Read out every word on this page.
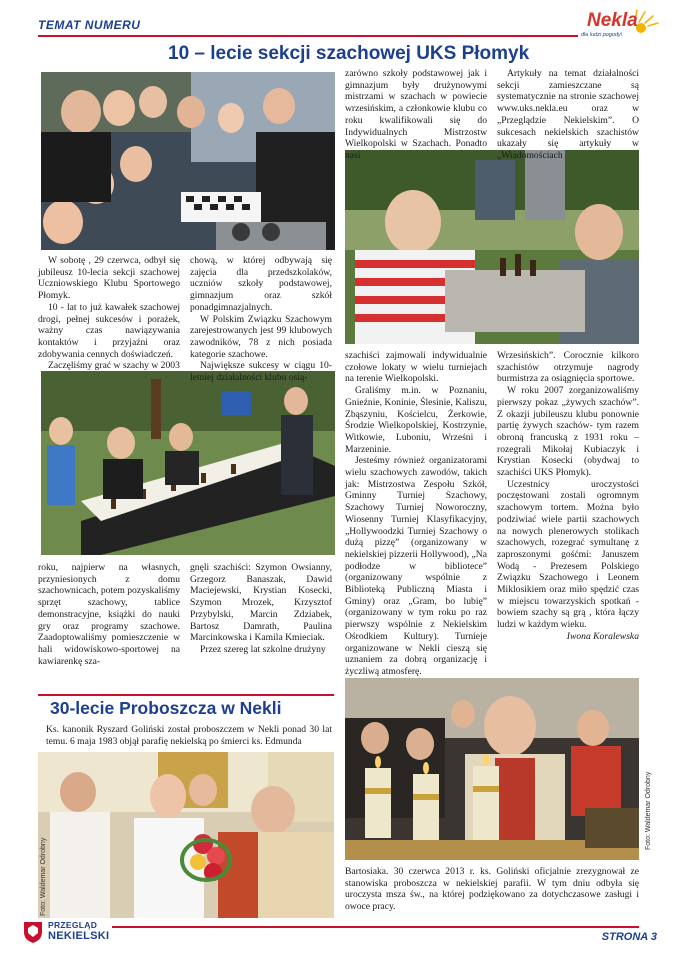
TEMAT NUMERU	Nekla
dla ludzi pogody!
10 – lecie sekcji szachowej UKS Płomyk

W sobotę , 29 czerwca, odbył się jubileusz 10-lecia sekcji szachowej Uczniowskiego Klubu Sportowego Płomyk.

10 - lat to już kawałek szachowej drogi, pełnej sukcesów i porażek, ważny czas nawiązywania kontaktów i przyjaźni oraz zdobywania cennych doświadczeń.

Zaczęliśmy grać w szachy w 2003

chową, w której odbywają się zajęcia dla przedszkolaków, uczniów szkoły podstawowej, gimnazjum oraz szkół ponadgimnazjalnych.

W Polskim Związku Szachowym zarejestrowanych jest 99 klubowych zawodników, 78 z nich posiada kategorie szachowe.

Największe sukcesy w ciągu 10-letniej działalności klubu osią-

roku, najpierw na własnych, przyniesionych z domu szachownicach, potem pozyskaliśmy sprzęt szachowy, tablice demonstracyjne, książki do nauki gry oraz programy szachowe. Zaadoptowaliśmy pomieszczenie w hali widowiskowo-sportowej na kawiarenkę sza-

gnęli szachiści: Szymon Owsianny, Grzegorz Banaszak, Dawid Maciejewski, Krystian Kosecki, Szymon Mrozek, Krzysztof Przybylski, Marcin Zdziabek, Bartosz Damrath, Paulina Marcinkowska i Kamila Kmieciak.

Przez szereg lat szkolne drużyny

zarówno szkoły podstawowej jak i gimnazjum były drużynowymi mistrzami w szachach w powiecie wrzesińskim, a członkowie klubu co roku kwalifikowali się do Indywidualnych Mistrzostw Wielkopolski w Szachach. Ponadto nasi

Artykuły na temat działalności sekcji zamieszczane są systematycznie na stronie szachowej www.uks.nekla.eu oraz w „Przeglądzie Nekielskim”. O sukcesach nekielskich szachistów ukazały się artykuły w „Wiadomościach

szachiści zajmowali indywidualnie czołowe lokaty w wielu turniejach na terenie Wielkopolski.

Graliśmy m.in. w Poznaniu, Gnieźnie, Koninie, Ślesinie, Kaliszu, Zbąszyniu, Kościelcu, Żerkowie, Środzie Wielkopolskiej, Kostrzynie, Witkowie, Luboniu, Wrześni i Marzeninie.

Jesteśmy również organizatorami wielu szachowych zawodów, takich jak: Mistrzostwa Zespołu Szkół, Gminny Turniej Szachowy, Szachowy Turniej Noworoczny, Wiosenny Turniej Klasyfikacyjny, „Hollywoodzki Turniej Szachowy o dużą pizzę” (organizowany w nekielskiej pizzerii Hollywood), „Na podłodze w bibliotece” (organizowany wspólnie z Biblioteką Publiczną Miasta i Gminy) oraz „Gram, bo lubię” (organizowany w tym roku po raz pierwszy wspólnie z Nekielskim Ośrodkiem Kultury). Turnieje organizowane w Nekli cieszą się uznaniem za dobrą organizację i życzliwą atmosferę.

Wrzesińskich”. Corocznie kilkoro szachistów otrzymuje nagrody burmistrza za osiągnięcia sportowe.

W roku 2007 zorganizowaliśmy pierwszy pokaz „żywych szachów”. Z okazji jubileuszu klubu ponownie partię żywych szachów- tym razem obroną francuską z 1931 roku – rozegrali Mikołaj Kubiaczyk i Krystian Kosecki (obydwaj to szachiści UKS Płomyk).

Uczestnicy uroczystości poczęstowani zostali ogromnym szachowym tortem. Można było podziwiać wiele partii szachowych na nowych plenerowych stolikach szachowych, rozegrać symultanę z zaproszonymi gośćmi: Januszem Wodą - Prezesem Polskiego Związku Szachowego i Leonem Miklosikiem oraz miło spędzić czas w miejscu towarzyskich spotkań - bowiem szachy są grą , która łączy ludzi w każdym wieku.

Iwona Koralewska

30-lecie Proboszcza w Nekli

Ks. kanonik Ryszard Goliński został proboszczem w Nekli ponad 30 lat temu. 6 maja 1983 objął parafię nekielską po śmierci ks. Edmunda

Foto: Waldemar Odrobny
Foto: Waldemar Odrobny

Bartosiaka. 30 czerwca 2013 r. ks. Goliński oficjalnie zrezygnował ze stanowiska proboszcza w nekielskiej parafii. W tym dniu odbyła się uroczysta msza św., na której podziękowano za dotychczasowe zasługi i owoce pracy.

PRZEGLĄD
NEKIELSKI	STRONA 3
